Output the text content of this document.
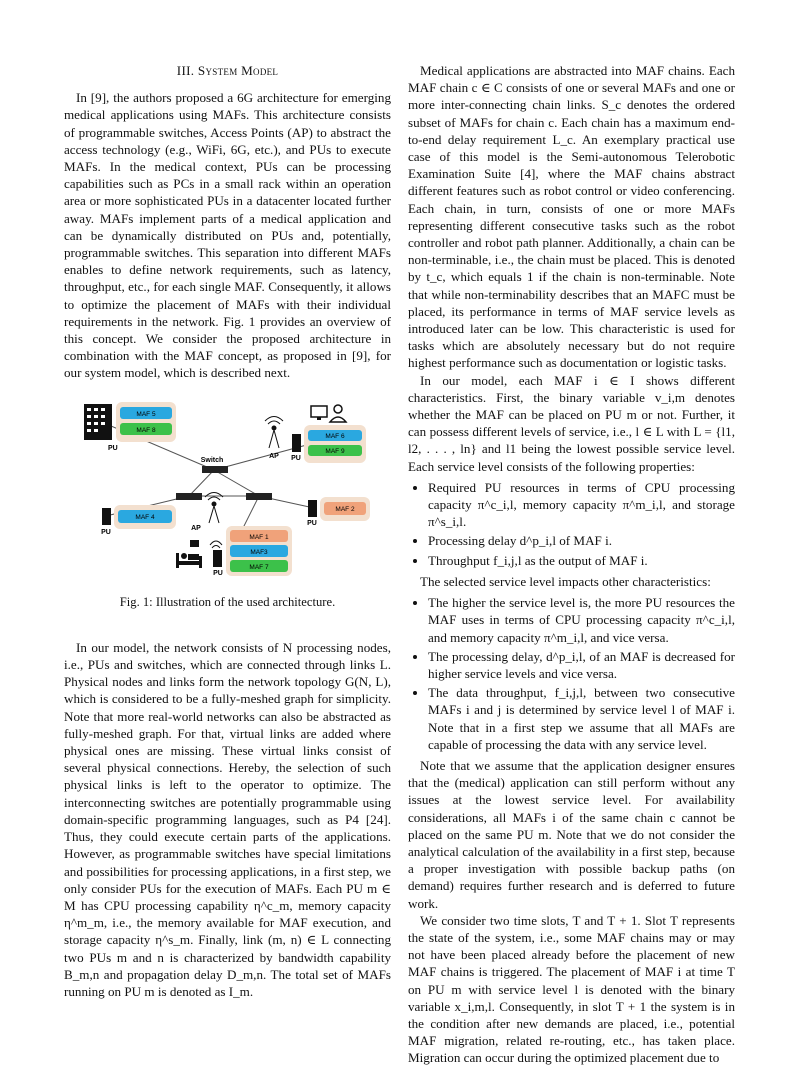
III. System Model

In [9], the authors proposed a 6G architecture for emerging medical applications using MAFs. This architecture consists of programmable switches, Access Points (AP) to abstract the access technology (e.g., WiFi, 6G, etc.), and PUs to execute MAFs. In the medical context, PUs can be processing capabilities such as PCs in a small rack within an operation area or more sophisticated PUs in a datacenter located further away. MAFs implement parts of a medical application and can be dynamically distributed on PUs and, potentially, programmable switches. This separation into different MAFs enables to define network requirements, such as latency, throughput, etc., for each single MAF. Consequently, it allows to optimize the placement of MAFs with their individual requirements in the network. Fig. 1 provides an overview of this concept. We consider the proposed architecture in combination with the MAF concept, as proposed in [9], for our system model, which is described next.

PU
MAF 5
MAF 8
Switch
AP PU
MAF 6
MAF 9
AP
PU
MAF 2
PU
MAF 4
PU
MAF 1
MAF3
MAF 7
Fig. 1: Illustration of the used architecture.

In our model, the network consists of N processing nodes, i.e., PUs and switches, which are connected through links L. Physical nodes and links form the network topology G(N, L), which is considered to be a fully-meshed graph for simplicity. Note that more real-world networks can also be abstracted as fully-meshed graph. For that, virtual links are added where physical ones are missing. These virtual links consist of several physical connections. Hereby, the selection of such physical links is left to the operator to optimize. The interconnecting switches are potentially programmable using domain-specific programming languages, such as P4 [24]. Thus, they could execute certain parts of the applications. However, as programmable switches have special limitations and possibilities for processing applications, in a first step, we only consider PUs for the execution of MAFs. Each PU m ∈ M has CPU processing capability η^c_m, memory capacity η^m_m, i.e., the memory available for MAF execution, and storage capacity η^s_m. Finally, link (m, n) ∈ L connecting two PUs m and n is characterized by bandwidth capability B_m,n and propagation delay D_m,n. The total set of MAFs running on PU m is denoted as I_m.

Medical applications are abstracted into MAF chains. Each MAF chain c ∈ C consists of one or several MAFs and one or more inter-connecting chain links. S_c denotes the ordered subset of MAFs for chain c. Each chain has a maximum end-to-end delay requirement L_c. An exemplary practical use case of this model is the Semi-autonomous Telerobotic Examination Suite [4], where the MAF chains abstract different features such as robot control or video conferencing. Each chain, in turn, consists of one or more MAFs representing different consecutive tasks such as the robot controller and robot path planner. Additionally, a chain can be non-terminable, i.e., the chain must be placed. This is denoted by t_c, which equals 1 if the chain is non-terminable. Note that while non-terminability describes that an MAFC must be placed, its performance in terms of MAF service levels as introduced later can be low. This characteristic is used for tasks which are absolutely necessary but do not require highest performance such as documentation or logistic tasks.

In our model, each MAF i ∈ I shows different characteristics. First, the binary variable v_i,m denotes whether the MAF can be placed on PU m or not. Further, it can possess different levels of service, i.e., l ∈ L with L = {l1, l2, . . . , ln} and l1 being the lowest possible service level. Each service level consists of the following properties:

• Required PU resources in terms of CPU processing capacity π^c_i,l, memory capacity π^m_i,l, and storage π^s_i,l.
• Processing delay d^p_i,l of MAF i.
• Throughput f_i,j,l as the output of MAF i.

The selected service level impacts other characteristics:

• The higher the service level is, the more PU resources the MAF uses in terms of CPU processing capacity π^c_i,l, and memory capacity π^m_i,l, and vice versa.
• The processing delay, d^p_i,l, of an MAF is decreased for higher service levels and vice versa.
• The data throughput, f_i,j,l, between two consecutive MAFs i and j is determined by service level l of MAF i. Note that in a first step we assume that all MAFs are capable of processing the data with any service level.

Note that we assume that the application designer ensures that the (medical) application can still perform without any issues at the lowest service level. For availability considerations, all MAFs i of the same chain c cannot be placed on the same PU m. Note that we do not consider the analytical calculation of the availability in a first step, because a proper investigation with possible backup paths (on demand) requires further research and is deferred to future work.

We consider two time slots, T and T + 1. Slot T represents the state of the system, i.e., some MAF chains may or may not have been placed already before the placement of new MAF chains is triggered. The placement of MAF i at time T on PU m with service level l is denoted with the binary variable x_i,m,l. Consequently, in slot T + 1 the system is in the condition after new demands are placed, i.e., potential MAF migration, related re-routing, etc., has taken place. Migration can occur during the optimized placement due to
